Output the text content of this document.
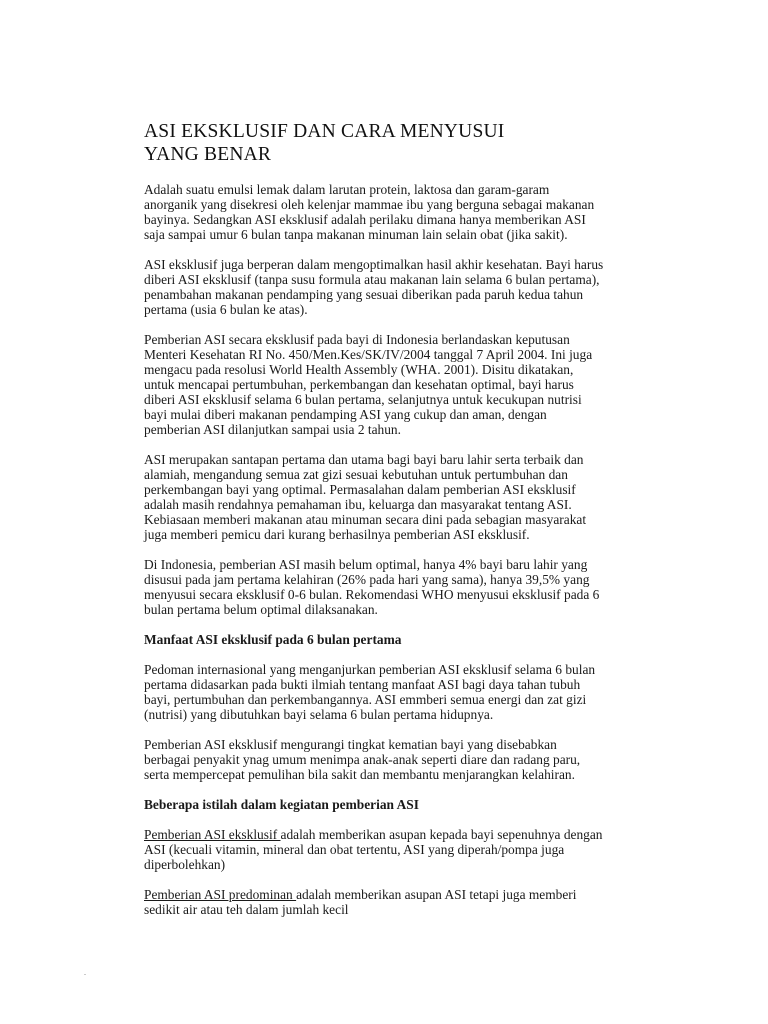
ASI EKSKLUSIF DAN CARA MENYUSUI
YANG BENAR

Adalah suatu emulsi lemak dalam larutan protein, laktosa dan garam-garam
anorganik yang disekresi oleh kelenjar mammae ibu yang berguna sebagai makanan
bayinya. Sedangkan ASI eksklusif adalah perilaku dimana hanya memberikan ASI
saja sampai umur 6 bulan tanpa makanan minuman lain selain obat (jika sakit).

ASI eksklusif juga berperan dalam mengoptimalkan hasil akhir kesehatan. Bayi harus
diberi ASI eksklusif (tanpa susu formula atau makanan lain selama 6 bulan pertama),
penambahan makanan pendamping yang sesuai diberikan pada paruh kedua tahun
pertama (usia 6 bulan ke atas).

Pemberian ASI secara eksklusif pada bayi di Indonesia berlandaskan keputusan
Menteri Kesehatan RI No. 450/Men.Kes/SK/IV/2004 tanggal 7 April 2004. Ini juga
mengacu pada resolusi World Health Assembly (WHA. 2001). Disitu dikatakan,
untuk mencapai pertumbuhan, perkembangan dan kesehatan optimal, bayi harus
diberi ASI eksklusif selama 6 bulan pertama, selanjutnya untuk kecukupan nutrisi
bayi mulai diberi makanan pendamping ASI yang cukup dan aman, dengan
pemberian ASI dilanjutkan sampai usia 2 tahun.

ASI merupakan santapan pertama dan utama bagi bayi baru lahir serta terbaik dan
alamiah, mengandung semua zat gizi sesuai kebutuhan untuk pertumbuhan dan
perkembangan bayi yang optimal. Permasalahan dalam pemberian ASI eksklusif
adalah masih rendahnya pemahaman ibu, keluarga dan masyarakat tentang ASI.
Kebiasaan memberi makanan atau minuman secara dini pada sebagian masyarakat
juga memberi pemicu dari kurang berhasilnya pemberian ASI eksklusif.

Di Indonesia, pemberian ASI masih belum optimal, hanya 4% bayi baru lahir yang
disusui pada jam pertama kelahiran (26% pada hari yang sama), hanya 39,5% yang
menyusui secara eksklusif 0-6 bulan. Rekomendasi WHO menyusui eksklusif pada 6
bulan pertama belum optimal dilaksanakan.

Manfaat ASI eksklusif pada 6 bulan pertama

Pedoman internasional yang menganjurkan pemberian ASI eksklusif selama 6 bulan
pertama didasarkan pada bukti ilmiah tentang manfaat ASI bagi daya tahan tubuh
bayi, pertumbuhan dan perkembangannya. ASI emmberi semua energi dan zat gizi
(nutrisi) yang dibutuhkan bayi selama 6 bulan pertama hidupnya.

Pemberian ASI eksklusif mengurangi tingkat kematian bayi yang disebabkan
berbagai penyakit ynag umum menimpa anak-anak seperti diare dan radang paru,
serta mempercepat pemulihan bila sakit dan membantu menjarangkan kelahiran.

Beberapa istilah dalam kegiatan pemberian ASI

Pemberian ASI eksklusif adalah memberikan asupan kepada bayi sepenuhnya dengan
ASI (kecuali vitamin, mineral dan obat tertentu, ASI yang diperah/pompa juga
diperbolehkan)

Pemberian ASI predominan adalah memberikan asupan ASI tetapi juga memberi
sedikit air atau teh dalam jumlah kecil

.
